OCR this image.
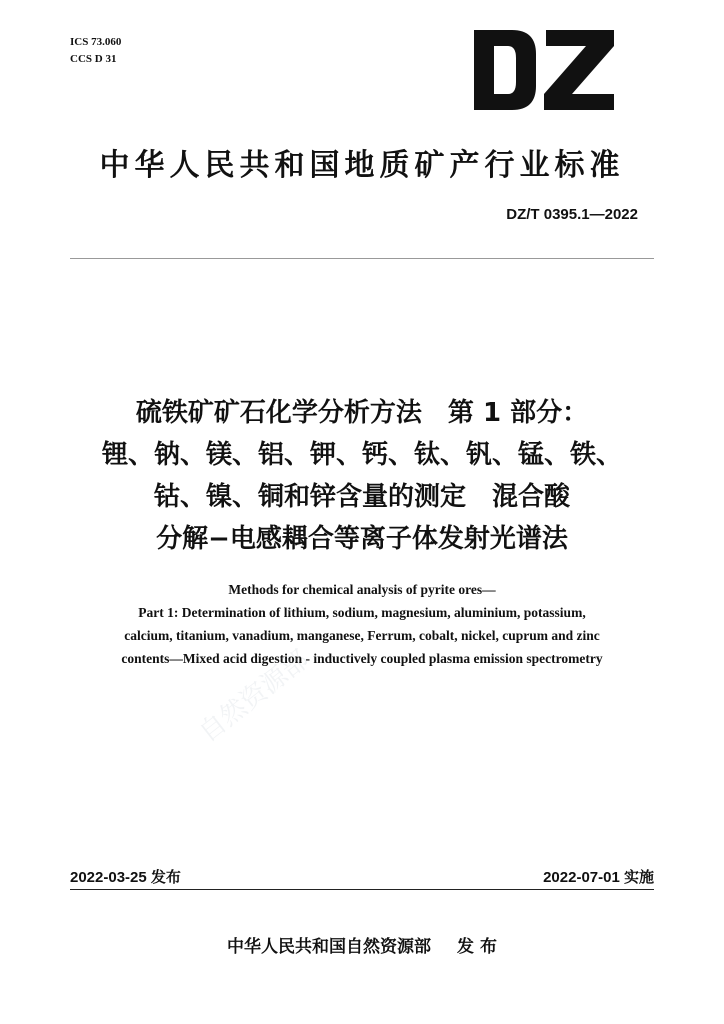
ICS 73.060
CCS D 31
中华人民共和国地质矿产行业标准
DZ/T 0395.1—2022
硫铁矿矿石化学分析方法　第 1 部分：
锂、钠、镁、铝、钾、钙、钛、钒、锰、铁、
钴、镍、铜和锌含量的测定　混合酸
分解−电感耦合等离子体发射光谱法
Methods for chemical analysis of pyrite ores—
Part 1: Determination of lithium, sodium, magnesium, aluminium, potassium,
calcium, titanium, vanadium, manganese, Ferrum, cobalt, nickel, cuprum and zinc
contents—Mixed acid digestion - inductively coupled plasma emission spectrometry
自然资源部
2022-03-25 发布	2022-07-01 实施
中华人民共和国自然资源部 发 布
